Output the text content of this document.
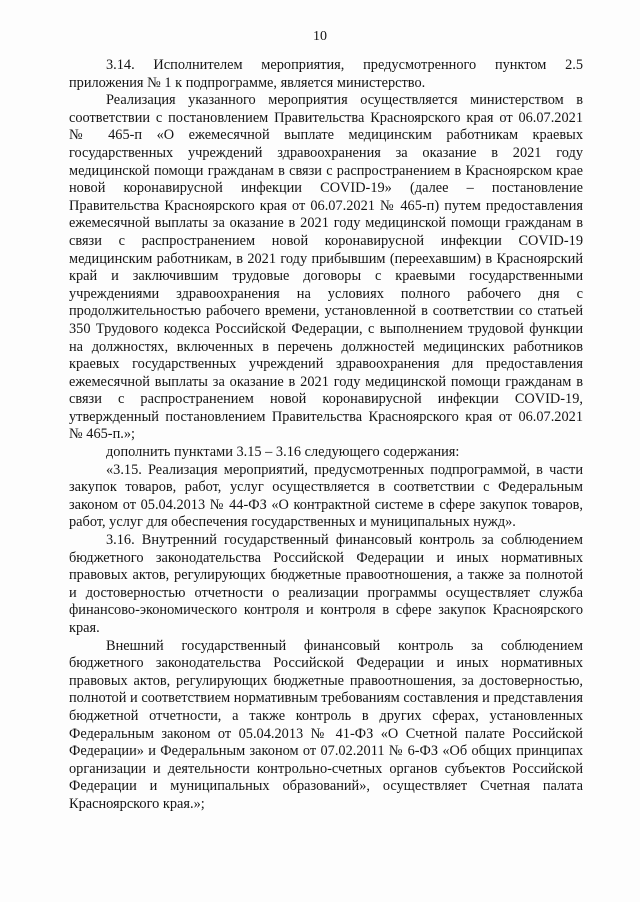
10

3.14. Исполнителем мероприятия, предусмотренного пунктом 2.5 приложения № 1 к подпрограмме, является министерство.

Реализация указанного мероприятия осуществляется министерством в соответствии с постановлением Правительства Красноярского края от 06.07.2021 № 465-п «О ежемесячной выплате медицинским работникам краевых государственных учреждений здравоохранения за оказание в 2021 году медицинской помощи гражданам в связи с распространением в Красноярском крае новой коронавирусной инфекции COVID-19» (далее – постановление Правительства Красноярского края от 06.07.2021 № 465-п) путем предоставления ежемесячной выплаты за оказание в 2021 году медицинской помощи гражданам в связи с распространением новой коронавирусной инфекции COVID-19 медицинским работникам, в 2021 году прибывшим (переехавшим) в Красноярский край и заключившим трудовые договоры с краевыми государственными учреждениями здравоохранения на условиях полного рабочего дня с продолжительностью рабочего времени, установленной в соответствии со статьей 350 Трудового кодекса Российской Федерации, с выполнением трудовой функции на должностях, включенных в перечень должностей медицинских работников краевых государственных учреждений здравоохранения для предоставления ежемесячной выплаты за оказание в 2021 году медицинской помощи гражданам в связи с распространением новой коронавирусной инфекции COVID-19, утвержденный постановлением Правительства Красноярского края от 06.07.2021 № 465-п.»;

дополнить пунктами 3.15 – 3.16 следующего содержания:

«3.15. Реализация мероприятий, предусмотренных подпрограммой, в части закупок товаров, работ, услуг осуществляется в соответствии с Федеральным законом от 05.04.2013 № 44-ФЗ «О контрактной системе в сфере закупок товаров, работ, услуг для обеспечения государственных и муниципальных нужд».

3.16. Внутренний государственный финансовый контроль за соблюдением бюджетного законодательства Российской Федерации и иных нормативных правовых актов, регулирующих бюджетные правоотношения, а также за полнотой и достоверностью отчетности о реализации программы осуществляет служба финансово-экономического контроля и контроля в сфере закупок Красноярского края.

Внешний государственный финансовый контроль за соблюдением бюджетного законодательства Российской Федерации и иных нормативных правовых актов, регулирующих бюджетные правоотношения, за достоверностью, полнотой и соответствием нормативным требованиям составления и представления бюджетной отчетности, а также контроль в других сферах, установленных Федеральным законом от 05.04.2013 № 41-ФЗ «О Счетной палате Российской Федерации» и Федеральным законом от 07.02.2011 № 6-ФЗ «Об общих принципах организации и деятельности контрольно-счетных органов субъектов Российской Федерации и муниципальных образований», осуществляет Счетная палата Красноярского края.»;
